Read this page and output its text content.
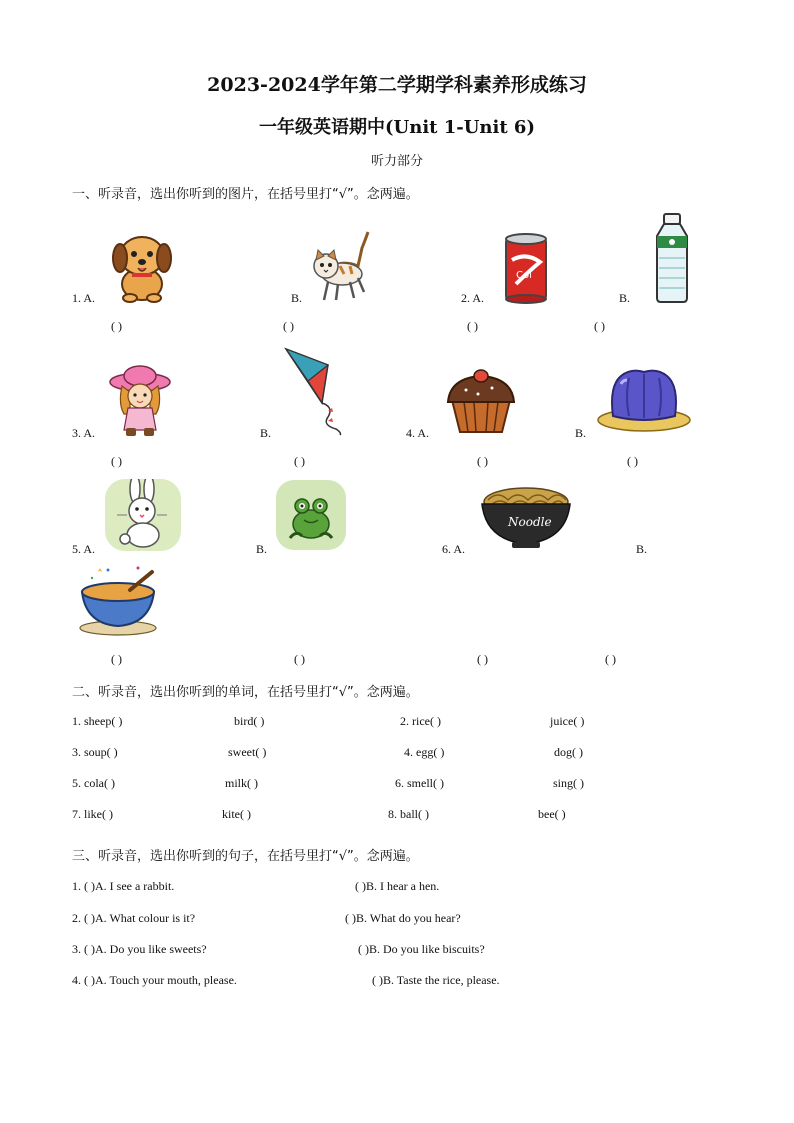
2023-2024学年第二学期学科素养形成练习
一年级英语期中(Unit 1-Unit 6)
听力部分
一、听录音，选出你听到的图片，在括号里打“√”。念两遍。
Col
1. A.	B.	2. A.	B.
( )	( )	( )	( )
3. A.	B.	4. A.	B.
( )	( )	( )	( )
Noodle
5. A.	B.	6. A.	B.
( )	( )	( )	( )
二、听录音，选出你听到的单词，在括号里打“√”。念两遍。
1. sheep( )	bird( )	2. rice( )	juice( )
3. soup( )	sweet( )	4. egg( )	dog( )
5. cola( )	milk( )	6. smell( )	sing( )
7. like( )	kite( )	8. ball( )	bee( )
三、听录音，选出你听到的句子，在括号里打“√”。念两遍。
1. ( )A. I see a rabbit.	( )B. I hear a hen.
2. ( )A. What colour is it?	( )B. What do you hear?
3. ( )A. Do you like sweets?	( )B. Do you like biscuits?
4. ( )A. Touch your mouth, please.	( )B. Taste the rice, please.
